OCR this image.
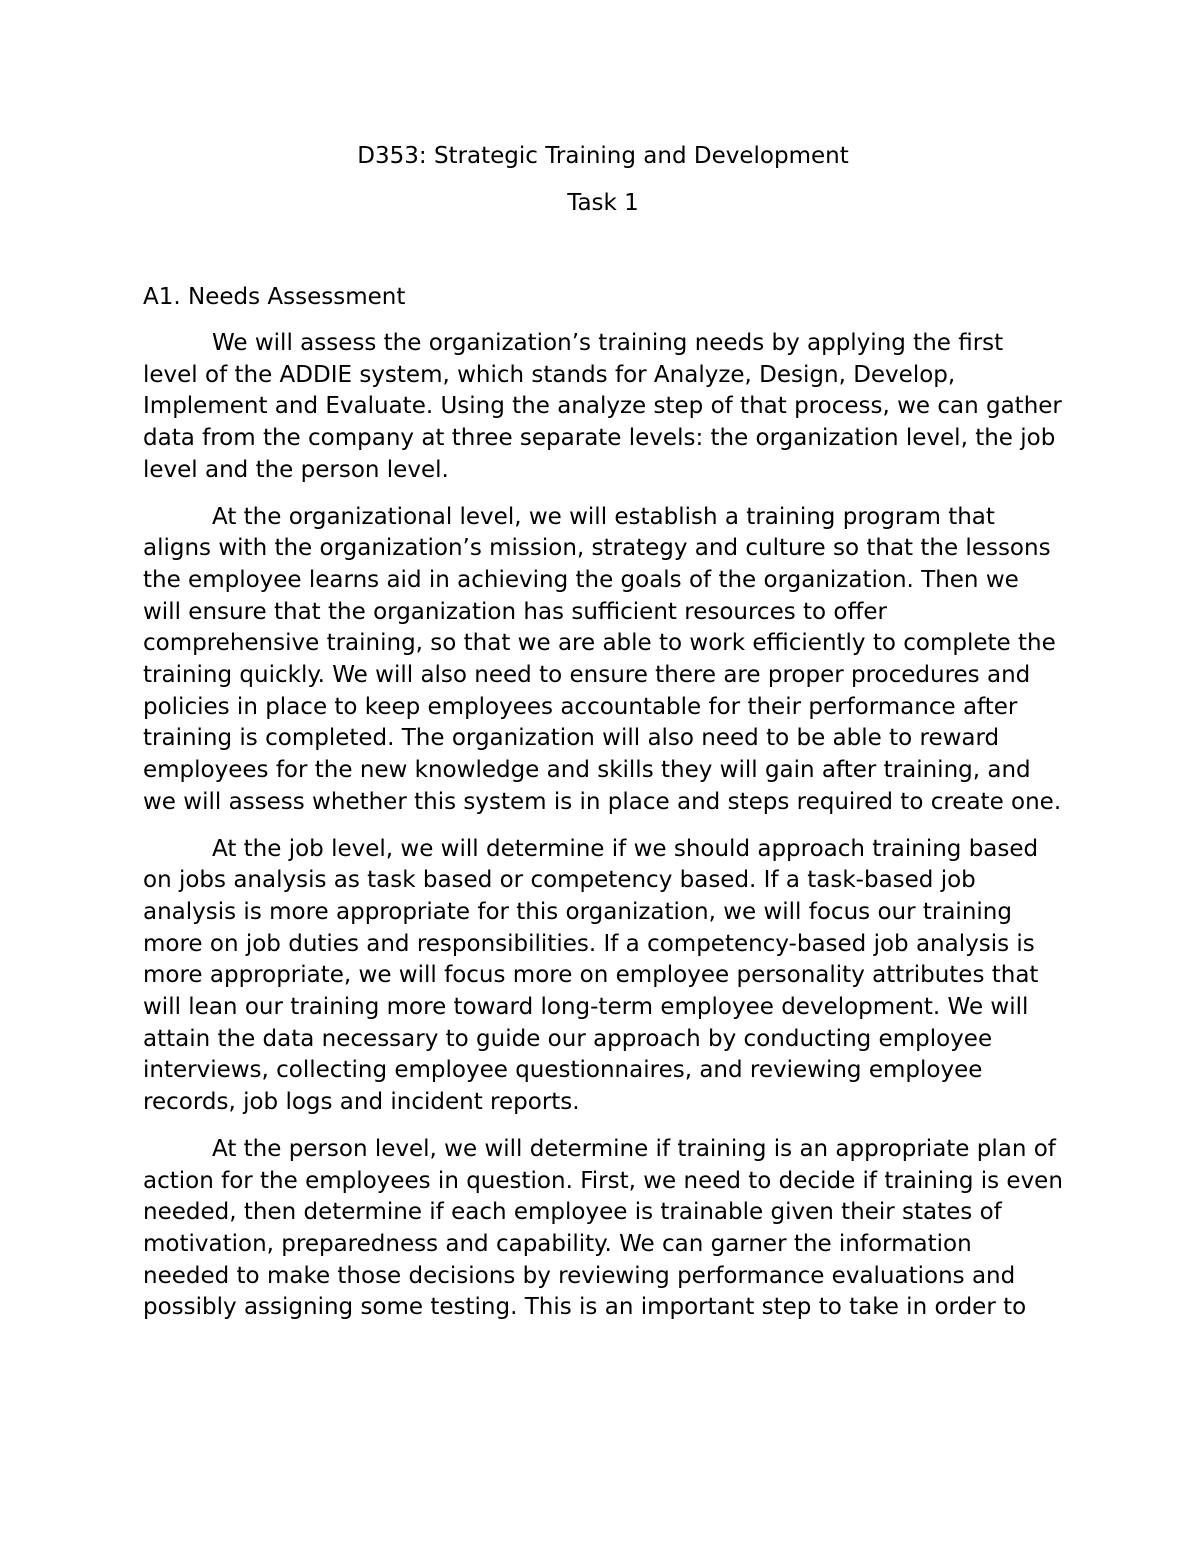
D353: Strategic Training and Development

Task 1

A1. Needs Assessment

We will assess the organization’s training needs by applying the first level of the ADDIE system, which stands for Analyze, Design, Develop, Implement and Evaluate. Using the analyze step of that process, we can gather data from the company at three separate levels: the organization level, the job level and the person level.

At the organizational level, we will establish a training program that aligns with the organization’s mission, strategy and culture so that the lessons the employee learns aid in achieving the goals of the organization. Then we will ensure that the organization has sufficient resources to offer comprehensive training, so that we are able to work efficiently to complete the training quickly. We will also need to ensure there are proper procedures and policies in place to keep employees accountable for their performance after training is completed. The organization will also need to be able to reward employees for the new knowledge and skills they will gain after training, and we will assess whether this system is in place and steps required to create one.

At the job level, we will determine if we should approach training based on jobs analysis as task based or competency based. If a task-based job analysis is more appropriate for this organization, we will focus our training more on job duties and responsibilities. If a competency-based job analysis is more appropriate, we will focus more on employee personality attributes that will lean our training more toward long-term employee development. We will attain the data necessary to guide our approach by conducting employee interviews, collecting employee questionnaires, and reviewing employee records, job logs and incident reports.

At the person level, we will determine if training is an appropriate plan of action for the employees in question. First, we need to decide if training is even needed, then determine if each employee is trainable given their states of motivation, preparedness and capability. We can garner the information needed to make those decisions by reviewing performance evaluations and possibly assigning some testing. This is an important step to take in order to
